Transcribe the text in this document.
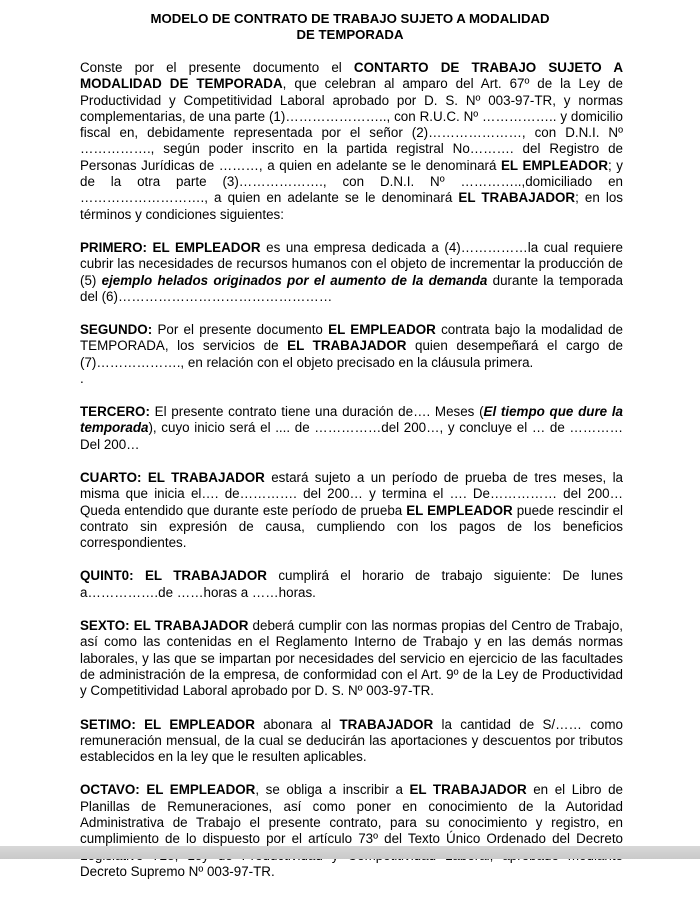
MODELO DE CONTRATO DE TRABAJO SUJETO A MODALIDAD
DE TEMPORADA

Conste por el presente documento el CONTARTO DE TRABAJO SUJETO A MODALIDAD DE TEMPORADA, que celebran al amparo del Art. 67º de la Ley de Productividad y Competitividad Laboral aprobado por D. S. Nº 003-97-TR, y normas complementarias, de una parte (1)………………….., con R.U.C. Nº …………….. y domicilio fiscal en, debidamente representada por el señor (2)…………………, con D.N.I. Nº ……………., según poder inscrito en la partida registral No………. del Registro de Personas Jurídicas de ………, a quien en adelante se le denominará EL EMPLEADOR; y de la otra parte (3)………………., con D.N.I. Nº …………..,domiciliado en ………………………., a quien en adelante se le denominará EL TRABAJADOR; en los términos y condiciones siguientes:

PRIMERO: EL EMPLEADOR es una empresa dedicada a (4)……………la cual requiere cubrir las necesidades de recursos humanos con el objeto de incrementar la producción de (5) ejemplo helados originados por el aumento de la demanda durante la temporada del (6)…………………………………………

SEGUNDO: Por el presente documento EL EMPLEADOR contrata bajo la modalidad de TEMPORADA, los servicios de EL TRABAJADOR quien desempeñará el cargo de (7)………………., en relación con el objeto precisado en la cláusula primera.

.

TERCERO: El presente contrato tiene una duración de…. Meses (El tiempo que dure la temporada), cuyo inicio será el .... de ……………del 200…, y concluye el … de ………… Del 200…

CUARTO: EL TRABAJADOR estará sujeto a un período de prueba de tres meses, la misma que inicia el…. de…………. del 200… y termina el …. De…………… del 200… Queda entendido que durante este período de prueba EL EMPLEADOR puede rescindir el contrato sin expresión de causa, cumpliendo con los pagos de los beneficios correspondientes.

QUINT0: EL TRABAJADOR cumplirá el horario de trabajo siguiente: De lunes a…………….de ……horas a ……horas.

SEXTO: EL TRABAJADOR deberá cumplir con las normas propias del Centro de Trabajo, así como las contenidas en el Reglamento Interno de Trabajo y en las demás normas laborales, y las que se impartan por necesidades del servicio en ejercicio de las facultades de administración de la empresa, de conformidad con el Art. 9º de la Ley de Productividad y Competitividad Laboral aprobado por D. S. Nº 003-97-TR.

SETIMO: EL EMPLEADOR abonara al TRABAJADOR la cantidad de S/…… como remuneración mensual, de la cual se deducirán las aportaciones y descuentos por tributos establecidos en la ley que le resulten aplicables.

OCTAVO: EL EMPLEADOR, se obliga a inscribir a EL TRABAJADOR en el Libro de Planillas de Remuneraciones, así como poner en conocimiento de la Autoridad Administrativa de Trabajo el presente contrato, para su conocimiento y registro, en cumplimiento de lo dispuesto por el artículo 73º del Texto Único Ordenado del Decreto Decreto Supremo Nº 003-97-TR.
